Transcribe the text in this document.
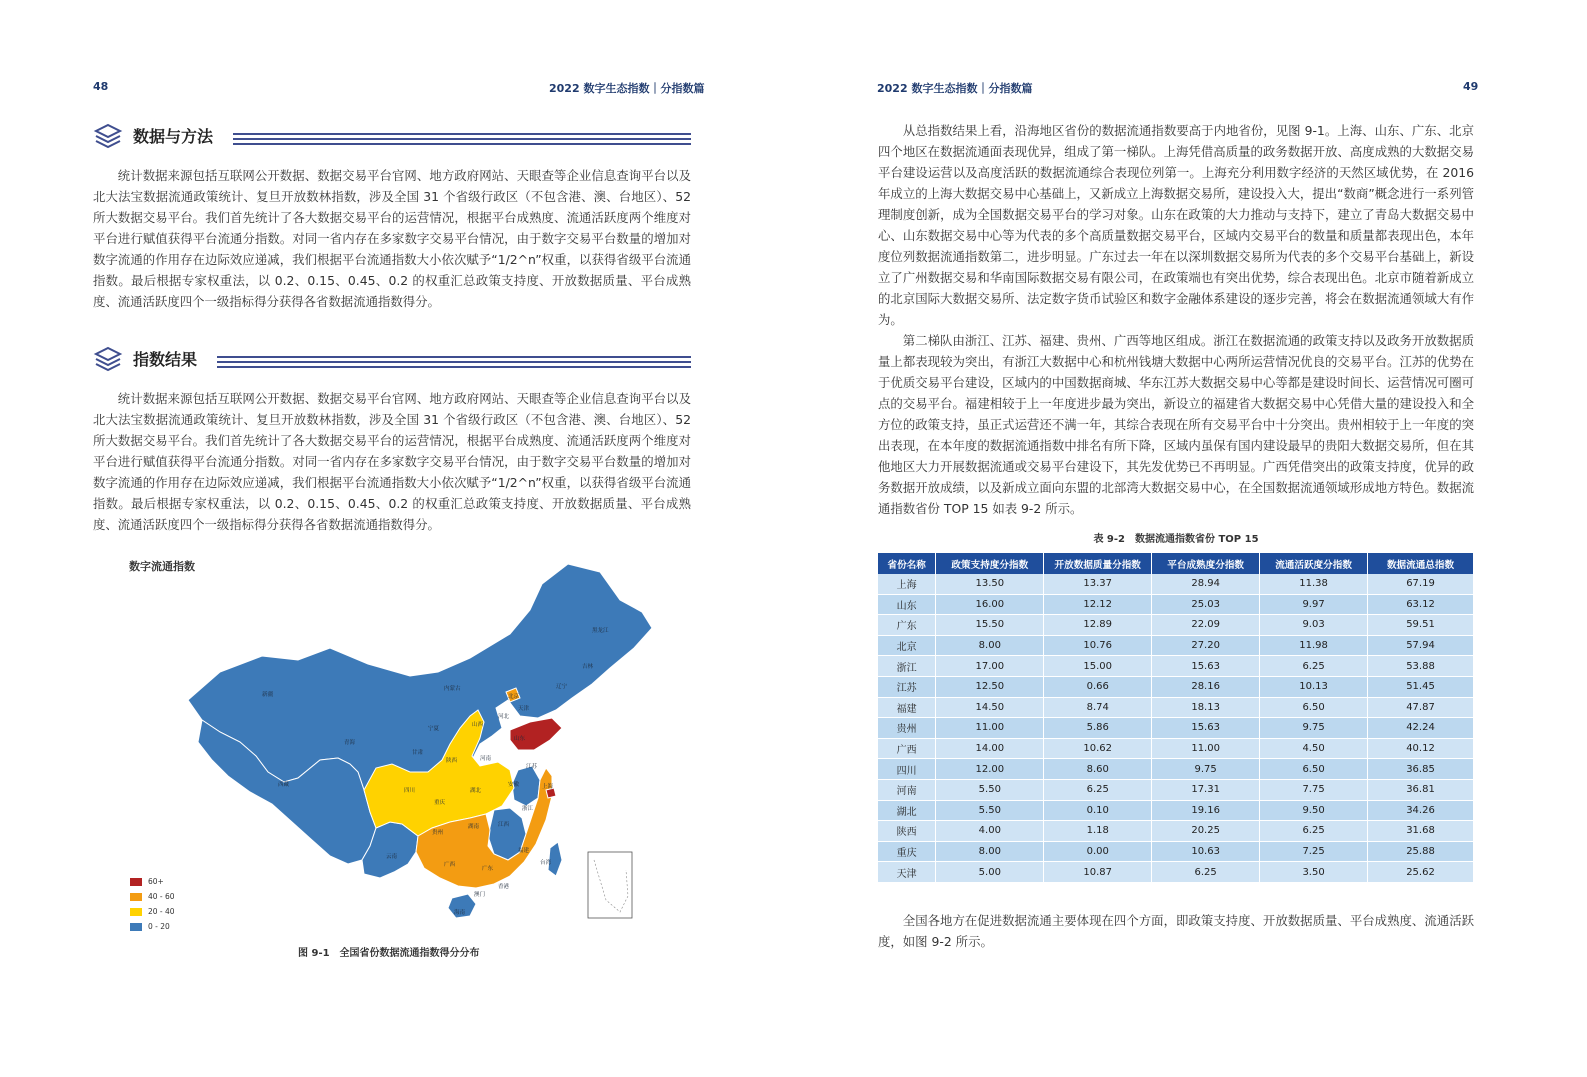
48	2022 数字生态指数｜分指数篇
数据与方法

统计数据来源包括互联网公开数据、数据交易平台官网、地方政府网站、天眼查等企业信息查询平台以及北大法宝数据流通政策统计、复旦开放数林指数，涉及全国 31 个省级行政区（不包含港、澳、台地区）、52 所大数据交易平台。我们首先统计了各大数据交易平台的运营情况，根据平台成熟度、流通活跃度两个维度对平台进行赋值获得平台流通分指数。对同一省内存在多家数字交易平台情况，由于数字交易平台数量的增加对数字流通的作用存在边际效应递减，我们根据平台流通指数大小依次赋予“1/2^n”权重，以获得省级平台流通指数。最后根据专家权重法，以 0.2、0.15、0.45、0.2 的权重汇总政策支持度、开放数据质量、平台成熟度、流通活跃度四个一级指标得分获得各省数据流通指数得分。

指数结果

统计数据来源包括互联网公开数据、数据交易平台官网、地方政府网站、天眼查等企业信息查询平台以及北大法宝数据流通政策统计、复旦开放数林指数，涉及全国 31 个省级行政区（不包含港、澳、台地区）、52 所大数据交易平台。我们首先统计了各大数据交易平台的运营情况，根据平台成熟度、流通活跃度两个维度对平台进行赋值获得平台流通分指数。对同一省内存在多家数字交易平台情况，由于数字交易平台数量的增加对数字流通的作用存在边际效应递减，我们根据平台流通指数大小依次赋予“1/2^n”权重，以获得省级平台流通指数。最后根据专家权重法，以 0.2、0.15、0.45、0.2 的权重汇总政策支持度、开放数据质量、平台成熟度、流通活跃度四个一级指标得分获得各省数据流通指数得分。

数字流通指数
新疆
西藏
青海
甘肃
宁夏
内蒙古
黑龙江
吉林
辽宁
北京
天津
河北
山西
山东
陕西	河南
四川
重庆
湖北
安徽
江苏
上海
浙江
湖南	江西
贵州
云南
广西
广东
福建
台湾
香港
澳门
海南
60+
40 - 60
20 - 40
0 - 20
图 9-1　全国省份数据流通指数得分分布
2022 数字生态指数｜分指数篇	49

从总指数结果上看，沿海地区省份的数据流通指数要高于内地省份，见图 9-1。上海、山东、广东、北京四个地区在数据流通面表现优异，组成了第一梯队。上海凭借高质量的政务数据开放、高度成熟的大数据交易平台建设运营以及高度活跃的数据流通综合表现位列第一。上海充分利用数字经济的天然区域优势，在 2016 年成立的上海大数据交易中心基础上，又新成立上海数据交易所，建设投入大，提出“数商”概念进行一系列管理制度创新，成为全国数据交易平台的学习对象。山东在政策的大力推动与支持下，建立了青岛大数据交易中心、山东数据交易中心等为代表的多个高质量数据交易平台，区域内交易平台的数量和质量都表现出色，本年度位列数据流通指数第二，进步明显。广东过去一年在以深圳数据交易所为代表的多个交易平台基础上，新设立了广州数据交易和华南国际数据交易有限公司，在政策端也有突出优势，综合表现出色。北京市随着新成立的北京国际大数据交易所、法定数字货币试验区和数字金融体系建设的逐步完善，将会在数据流通领域大有作为。

第二梯队由浙江、江苏、福建、贵州、广西等地区组成。浙江在数据流通的政策支持以及政务开放数据质量上都表现较为突出，有浙江大数据中心和杭州钱塘大数据中心两所运营情况优良的交易平台。江苏的优势在于优质交易平台建设，区域内的中国数据商城、华东江苏大数据交易中心等都是建设时间长、运营情况可圈可点的交易平台。福建相较于上一年度进步最为突出，新设立的福建省大数据交易中心凭借大量的建设投入和全方位的政策支持，虽正式运营还不满一年，其综合表现在所有交易平台中十分突出。贵州相较于上一年度的突出表现，在本年度的数据流通指数中排名有所下降，区域内虽保有国内建设最早的贵阳大数据交易所，但在其他地区大力开展数据流通或交易平台建设下，其先发优势已不再明显。广西凭借突出的政策支持度，优异的政务数据开放成绩，以及新成立面向东盟的北部湾大数据交易中心，在全国数据流通领域形成地方特色。数据流通指数省份 TOP 15 如表 9-2 所示。

表 9-2　数据流通指数省份 TOP 15
省份名称	政策支持度分指数	开放数据质量分指数	平台成熟度分指数	流通活跃度分指数	数据流通总指数
上海	13.50	13.37	28.94	11.38	67.19
山东	16.00	12.12	25.03	9.97	63.12
广东	15.50	12.89	22.09	9.03	59.51
北京	8.00	10.76	27.20	11.98	57.94
浙江	17.00	15.00	15.63	6.25	53.88
江苏	12.50	0.66	28.16	10.13	51.45
福建	14.50	8.74	18.13	6.50	47.87
贵州	11.00	5.86	15.63	9.75	42.24
广西	14.00	10.62	11.00	4.50	40.12
四川	12.00	8.60	9.75	6.50	36.85
河南	5.50	6.25	17.31	7.75	36.81
湖北	5.50	0.10	19.16	9.50	34.26
陕西	4.00	1.18	20.25	6.25	31.68
重庆	8.00	0.00	10.63	7.25	25.88
天津	5.00	10.87	6.25	3.50	25.62

全国各地方在促进数据流通主要体现在四个方面，即政策支持度、开放数据质量、平台成熟度、流通活跃度，如图 9-2 所示。
